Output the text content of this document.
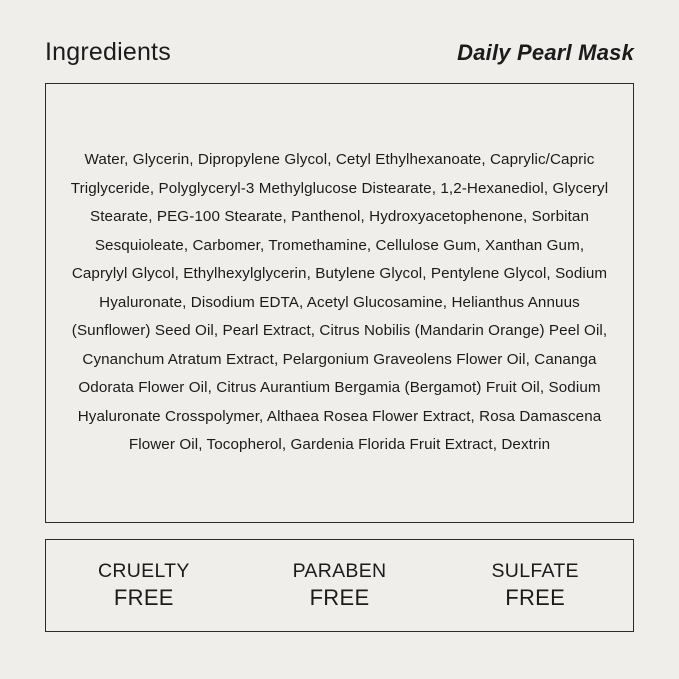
Ingredients	Daily Pearl Mask
Water, Glycerin, Dipropylene Glycol, Cetyl Ethylhexanoate, Caprylic/Capric Triglyceride, Polyglyceryl-3 Methylglucose Distearate, 1,2-Hexanediol, Glyceryl Stearate, PEG-100 Stearate, Panthenol, Hydroxyacetophenone, Sorbitan Sesquioleate, Carbomer, Tromethamine, Cellulose Gum, Xanthan Gum, Caprylyl Glycol, Ethylhexylglycerin, Butylene Glycol, Pentylene Glycol, Sodium Hyaluronate, Disodium EDTA, Acetyl Glucosamine, Helianthus Annuus (Sunflower) Seed Oil, Pearl Extract, Citrus Nobilis (Mandarin Orange) Peel Oil, Cynanchum Atratum Extract, Pelargonium Graveolens Flower Oil, Cananga Odorata Flower Oil, Citrus Aurantium Bergamia (Bergamot) Fruit Oil, Sodium Hyaluronate Crosspolymer, Althaea Rosea Flower Extract, Rosa Damascena Flower Oil, Tocopherol, Gardenia Florida Fruit Extract, Dextrin
CRUELTY
FREE
PARABEN
FREE
SULFATE
FREE
